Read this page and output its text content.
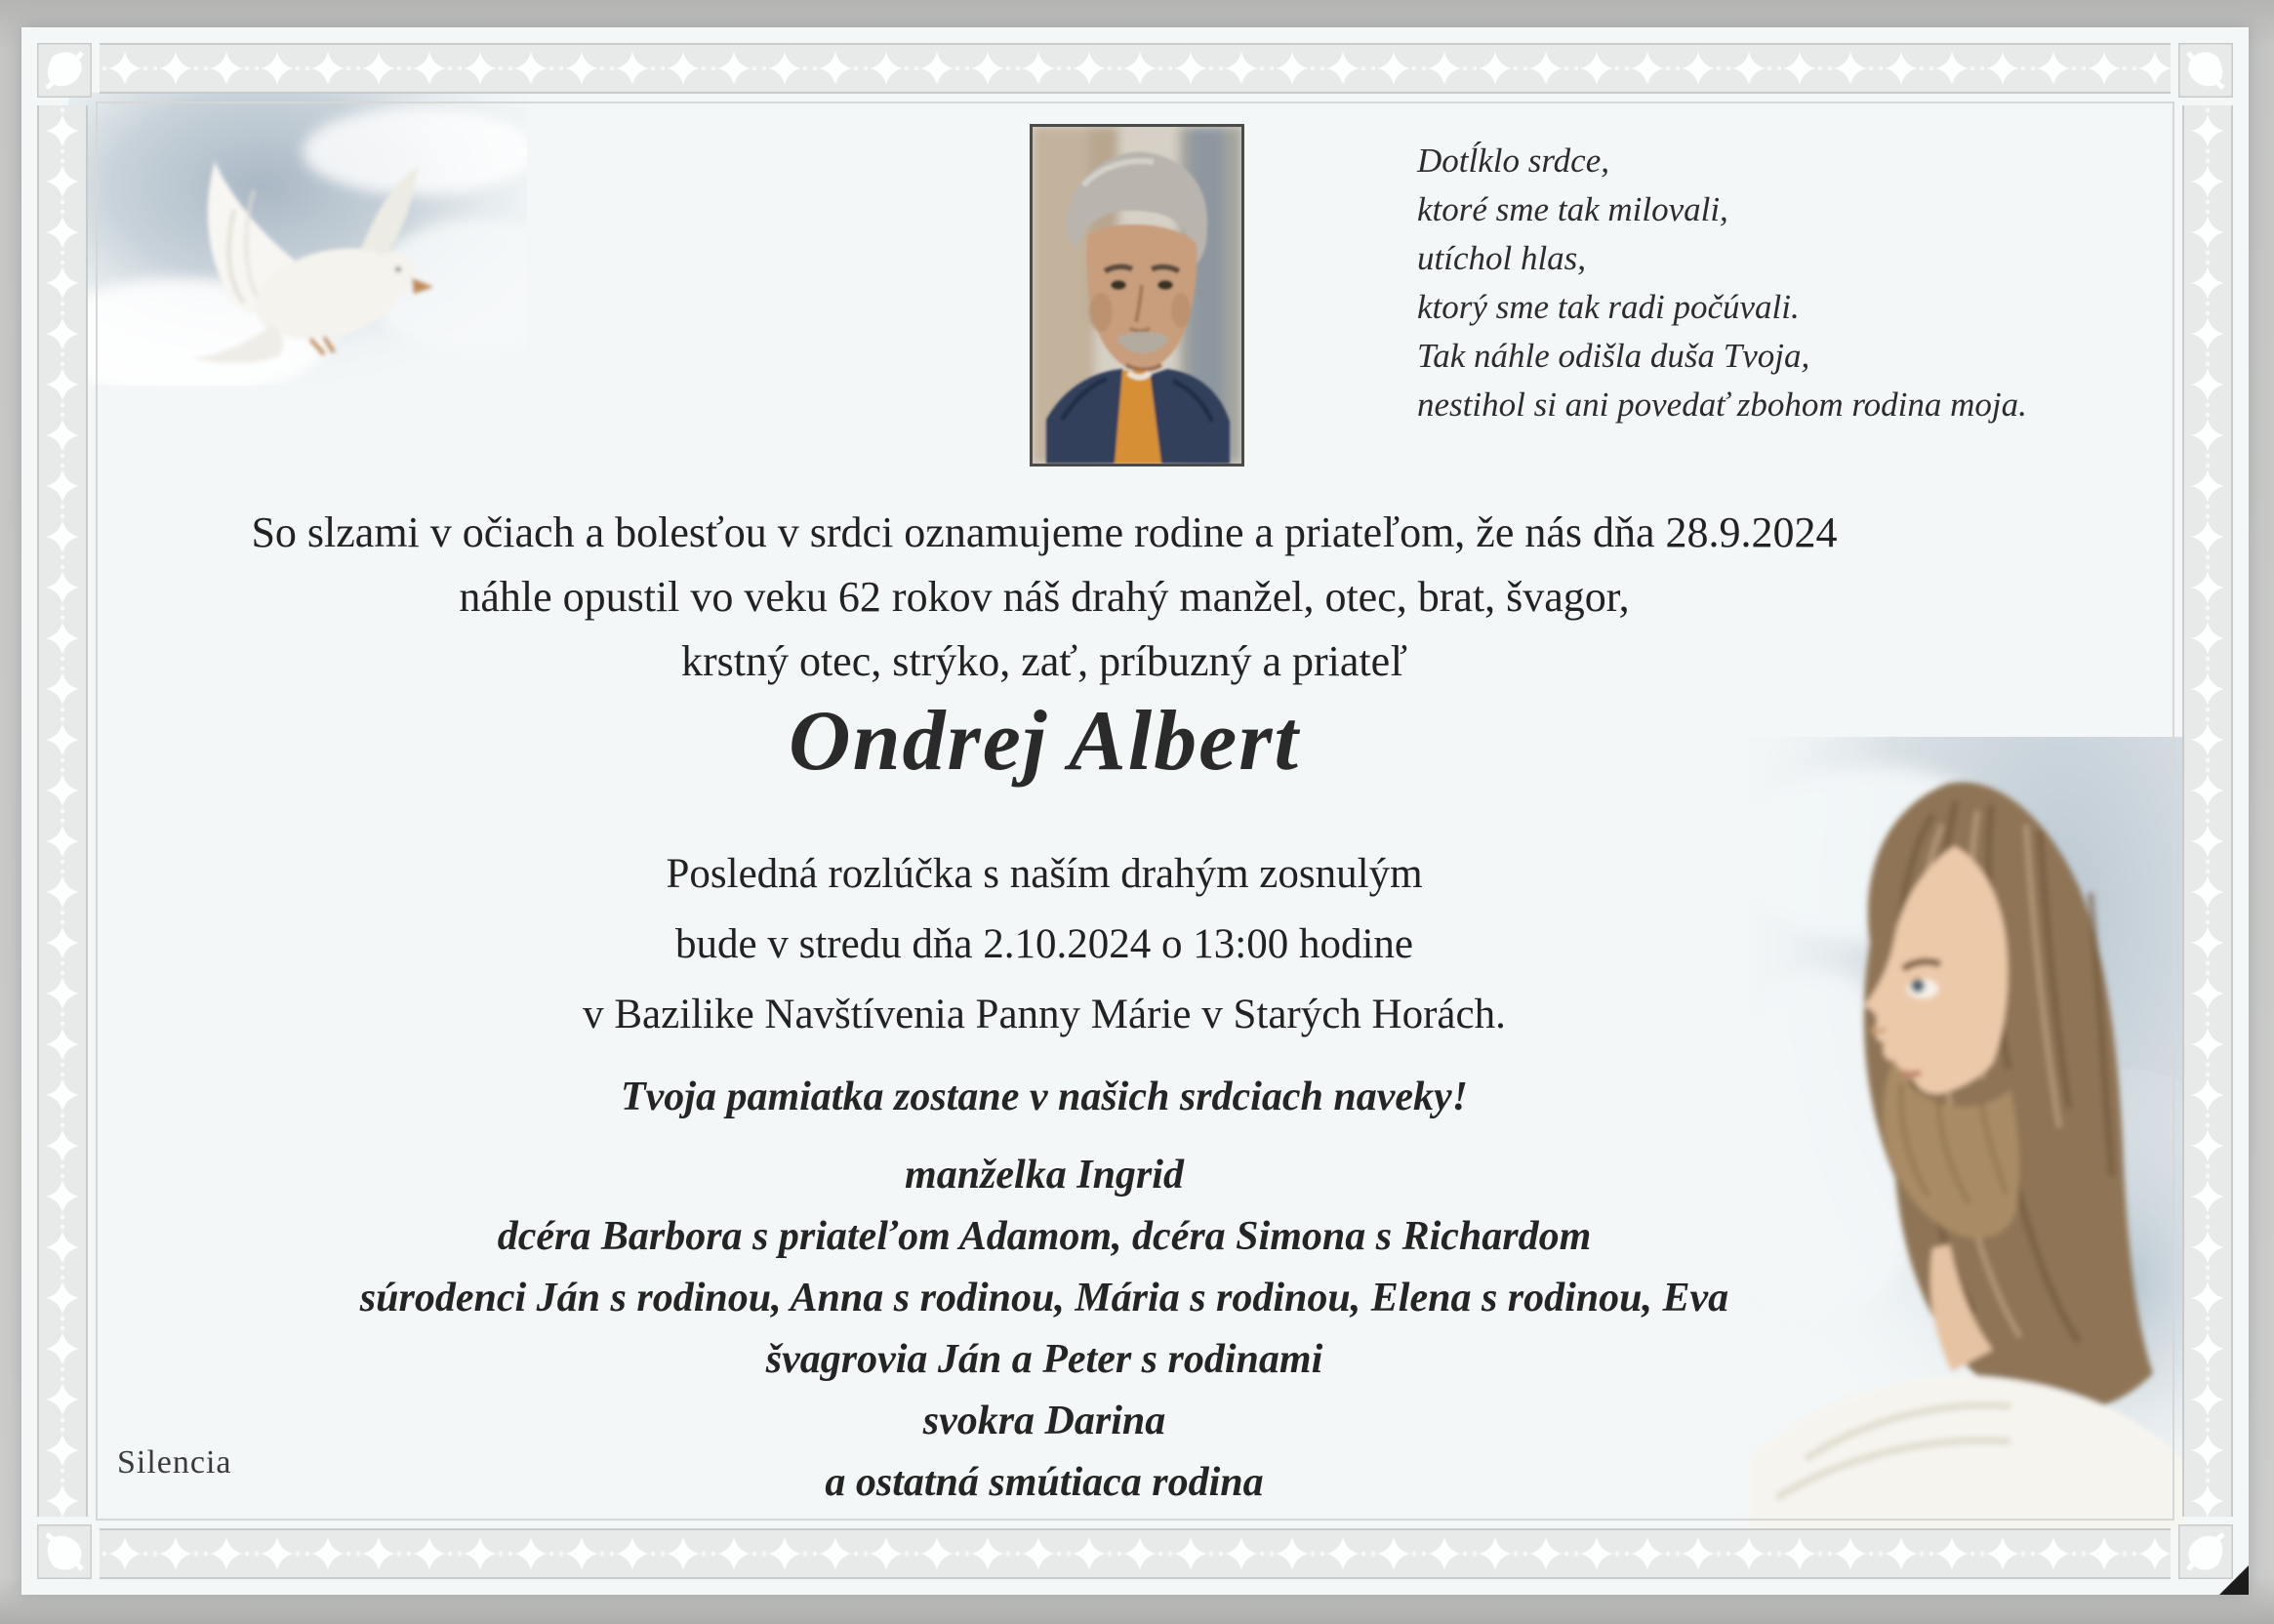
Dotĺklo srdce,
ktoré sme tak milovali,
utíchol hlas,
ktorý sme tak radi počúvali.
Tak náhle odišla duša Tvoja,
nestihol si ani povedať zbohom rodina moja.
So slzami v očiach a bolesťou v srdci oznamujeme rodine a priateľom, že nás dňa 28.9.2024
náhle opustil vo veku 62 rokov náš drahý manžel, otec, brat, švagor,
krstný otec, strýko, zať, príbuzný a priateľ
Ondrej Albert
Posledná rozlúčka s naším drahým zosnulým
bude v stredu dňa 2.10.2024 o 13:00 hodine
v Bazilike Navštívenia Panny Márie v Starých Horách.
Tvoja pamiatka zostane v našich srdciach naveky!
manželka Ingrid
dcéra Barbora s priateľom Adamom, dcéra Simona s Richardom
súrodenci Ján s rodinou, Anna s rodinou, Mária s rodinou, Elena s rodinou, Eva
švagrovia Ján a Peter s rodinami
svokra Darina
a ostatná smútiaca rodina
Silencia
